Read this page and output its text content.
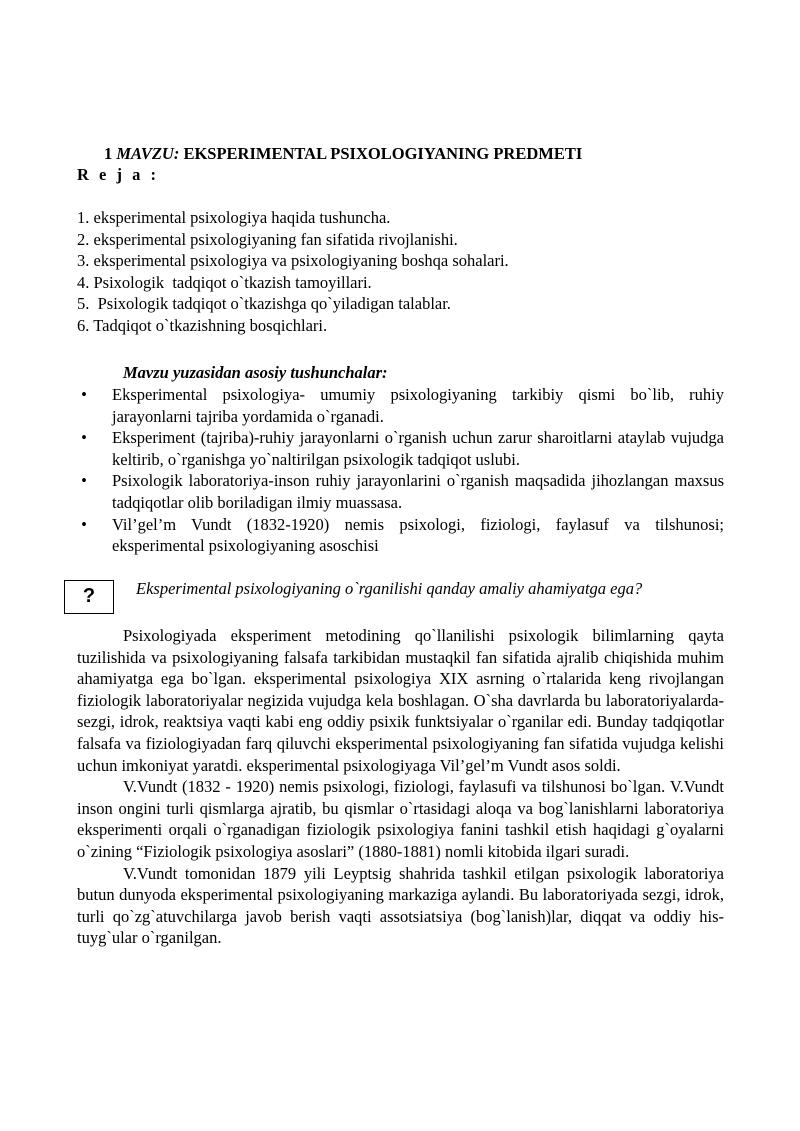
1 MAVZU: EKSPERIMENTAL PSIXOLOGIYANING PREDMETI
R e j a :
1. eksperimental psixologiya haqida tushuncha.
2. eksperimental psixologiyaning fan sifatida rivojlanishi.
3. eksperimental psixologiya va psixologiyaning boshqa sohalari.
4. Psixologik  tadqiqot o`tkazish tamoyillari.
5.  Psixologik tadqiqot o`tkazishga qo`yiladigan talablar.
6. Tadqiqot o`tkazishning bosqichlari.
Mavzu yuzasidan asosiy tushunchalar:
• Eksperimental psixologiya- umumiy psixologiyaning tarkibiy qismi bo`lib, ruhiy jarayonlarni tajriba yordamida o`rganadi.
• Eksperiment (tajriba)-ruhiy jarayonlarni o`rganish uchun zarur sharoitlarni ataylab vujudga keltirib, o`rganishga yo`naltirilgan psixologik tadqiqot uslubi.
• Psixologik laboratoriya-inson ruhiy jarayonlarini o`rganish maqsadida jihozlangan maxsus tadqiqotlar olib boriladigan ilmiy muassasa.
• Vil’gel’m Vundt (1832-1920) nemis psixologi, fiziologi, faylasuf va tilshunosi; eksperimental psixologiyaning asoschisi
?	Eksperimental psixologiyaning o`rganilishi qanday amaliy ahamiyatga ega?

Psixologiyada eksperiment metodining qo`llanilishi psixologik bilimlarning qayta tuzilishida va psixologiyaning falsafa tarkibidan mustaqkil fan sifatida ajralib chiqishida muhim ahamiyatga ega bo`lgan. eksperimental psixologiya XIX asrning o`rtalarida keng rivojlangan fiziologik laboratoriyalar negizida vujudga kela boshlagan. O`sha davrlarda bu laboratoriyalarda-sezgi, idrok, reaktsiya vaqti kabi eng oddiy psixik funktsiyalar o`rganilar edi. Bunday tadqiqotlar falsafa va fiziologiyadan farq qiluvchi eksperimental psixologiyaning fan sifatida vujudga kelishi uchun imkoniyat yaratdi. eksperimental psixologiyaga Vil’gel’m Vundt asos soldi.

V.Vundt (1832 - 1920) nemis psixologi, fiziologi, faylasufi va tilshunosi bo`lgan. V.Vundt inson ongini turli qismlarga ajratib, bu qismlar o`rtasidagi aloqa va bog`lanishlarni laboratoriya eksperimenti orqali o`rganadigan fiziologik psixologiya fanini tashkil etish haqidagi g`oyalarni o`zining “Fiziologik psixologiya asoslari” (1880-1881) nomli kitobida ilgari suradi.

V.Vundt tomonidan 1879 yili Leyptsig shahrida tashkil etilgan psixologik laboratoriya butun dunyoda eksperimental psixologiyaning markaziga aylandi. Bu laboratoriyada sezgi, idrok, turli qo`zg`atuvchilarga javob berish vaqti assotsiatsiya (bog`lanish)lar, diqqat va oddiy his-tuyg`ular o`rganilgan.
